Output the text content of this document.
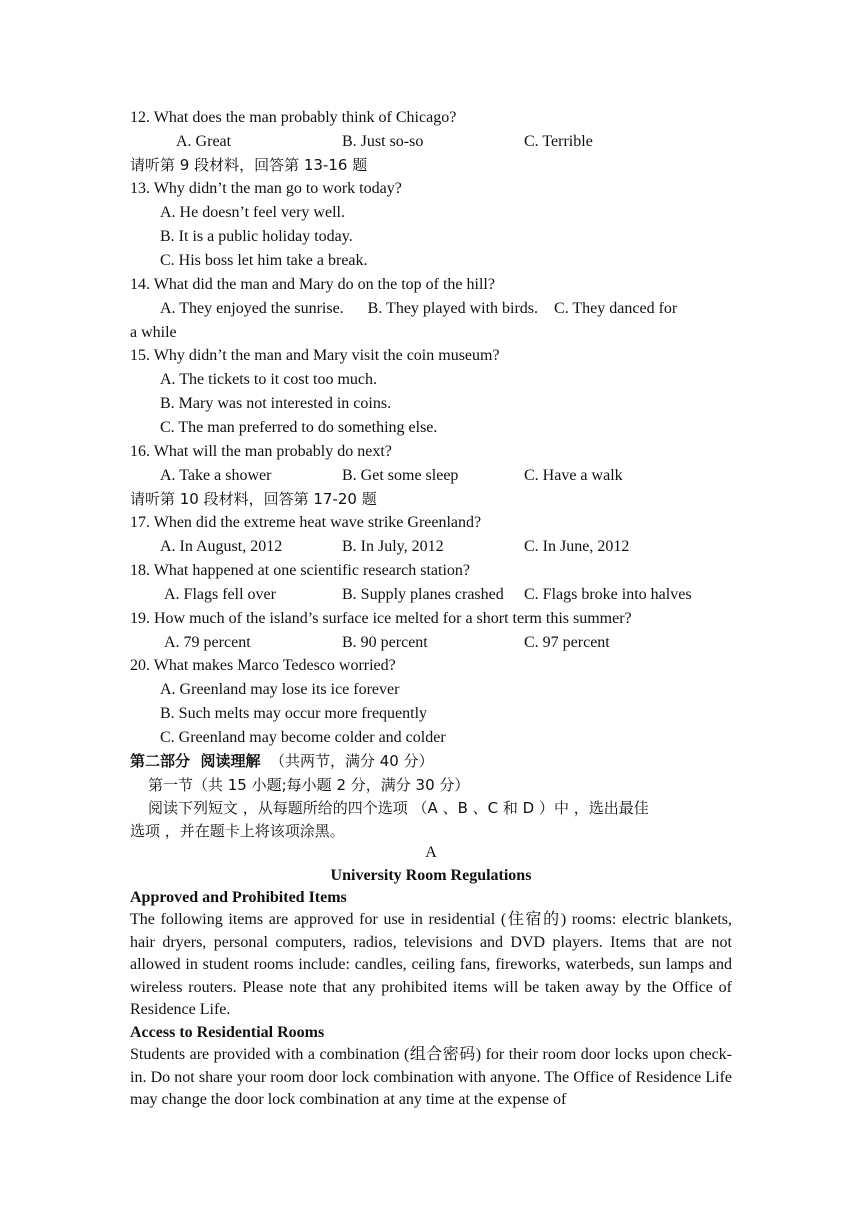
12. What does the man probably think of Chicago?
A. Great	B. Just so-so	C. Terrible
请听第 9 段材料，回答第 13-16 题
13. Why didn’t the man go to work today?
A. He doesn’t feel very well.
B. It is a public holiday today.
C. His boss let him take a break.
14. What did the man and Mary do on the top of the hill?
A. They enjoyed the sunrise.      B. They played with birds.    C. They danced for
a while
15. Why didn’t the man and Mary visit the coin museum?
A. The tickets to it cost too much.
B. Mary was not interested in coins.
C. The man preferred to do something else.
16. What will the man probably do next?
A. Take a shower	B. Get some sleep	C. Have a walk
请听第 10 段材料，回答第 17-20 题
17. When did the extreme heat wave strike Greenland?
A. In August, 2012	B. In July, 2012	C. In June, 2012
18. What happened at one scientific research station?
A. Flags fell over	B. Supply planes crashed C. Flags broke into halves
19. How much of the island’s surface ice melted for a short term this summer?
A. 79 percent	B. 90 percent	C. 97 percent
20. What makes Marco Tedesco worried?
A. Greenland may lose its ice forever
B. Such melts may occur more frequently
C. Greenland may become colder and colder
第二部分  阅读理解 （共两节，满分 40 分）
第一节（共 15 小题;每小题 2 分，满分 30 分）
阅读下列短文 ，从每题所给的四个选项 （A 、B 、C 和 D ）中 ，选出最佳
选项 ，并在题卡上将该项涂黑。
A
University Room Regulations
Approved and Prohibited Items
The following items are approved for use in residential (住宿的) rooms: electric blankets, hair dryers, personal computers, radios, televisions and DVD players. Items that are not allowed in student rooms include: candles, ceiling fans, fireworks, waterbeds, sun lamps and wireless routers. Please note that any prohibited items will be taken away by the Office of Residence Life.
Access to Residential Rooms
Students are provided with a combination (组合密码) for their room door locks upon check-in. Do not share your room door lock combination with anyone. The Office of Residence Life may change the door lock combination at any time at the expense of
